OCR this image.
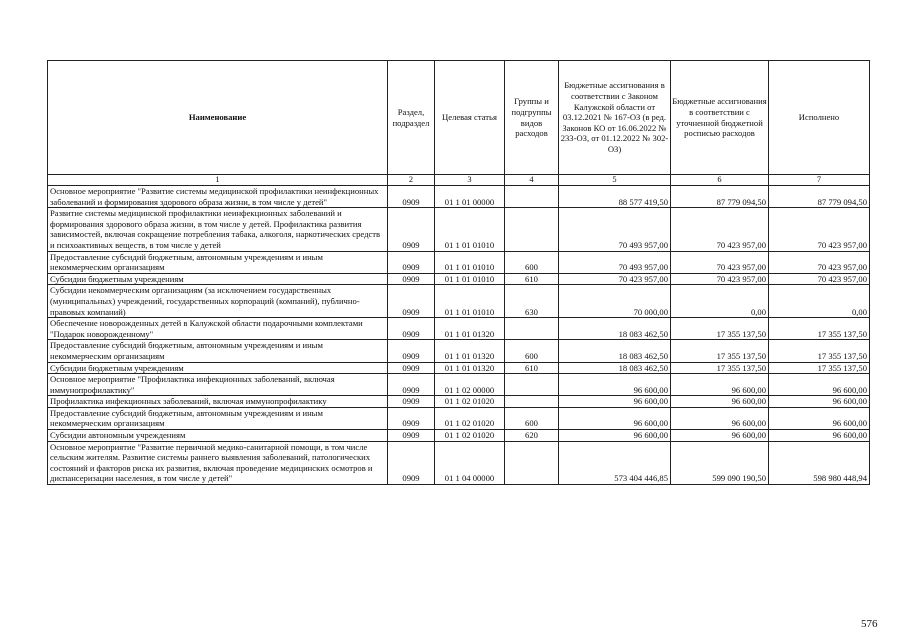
Наименование	Раздел, подраздел	Целевая статья	Группы и подгруппы видов расходов	Бюджетные ассигнования в соответствии с Законом Калужской области от 03.12.2021 № 167-ОЗ (в ред. Законов КО от 16.06.2022 № 233-ОЗ, от 01.12.2022 № 302-ОЗ)	Бюджетные ассигнования в соответствии с уточненной бюджетной росписью расходов	Исполнено
1	2	3	4	5	6	7
Основное мероприятие "Развитие системы медицинской профилактики неинфекционных заболеваний и формирования здорового образа жизни, в том числе у детей"	0909	01 1 01 00000		88 577 419,50	87 779 094,50	87 779 094,50
Развитие системы медицинской профилактики неинфекционных заболеваний и формирования здорового образа жизни, в том числе у детей. Профилактика развития зависимостей, включая сокращение потребления табака, алкоголя, наркотических средств и психоактивных веществ, в том числе у детей	0909	01 1 01 01010		70 493 957,00	70 423 957,00	70 423 957,00
Предоставление субсидий бюджетным, автономным учреждениям и иным некоммерческим организациям	0909	01 1 01 01010	600	70 493 957,00	70 423 957,00	70 423 957,00
Субсидии бюджетным учреждениям	0909	01 1 01 01010	610	70 423 957,00	70 423 957,00	70 423 957,00
Субсидии некоммерческим организациям (за исключением государственных (муниципальных) учреждений, государственных корпораций (компаний), публично-правовых компаний)	0909	01 1 01 01010	630	70 000,00	0,00	0,00
Обеспечение новорожденных детей в Калужской области подарочными комплектами "Подарок новорожденному"	0909	01 1 01 01320		18 083 462,50	17 355 137,50	17 355 137,50
Предоставление субсидий бюджетным, автономным учреждениям и иным некоммерческим организациям	0909	01 1 01 01320	600	18 083 462,50	17 355 137,50	17 355 137,50
Субсидии бюджетным учреждениям	0909	01 1 01 01320	610	18 083 462,50	17 355 137,50	17 355 137,50
Основное мероприятие "Профилактика инфекционных заболеваний, включая иммунопрофилактику"	0909	01 1 02 00000		96 600,00	96 600,00	96 600,00
Профилактика инфекционных заболеваний, включая иммунопрофилактику	0909	01 1 02 01020		96 600,00	96 600,00	96 600,00
Предоставление субсидий бюджетным, автономным учреждениям и иным некоммерческим организациям	0909	01 1 02 01020	600	96 600,00	96 600,00	96 600,00
Субсидии автономным учреждениям	0909	01 1 02 01020	620	96 600,00	96 600,00	96 600,00
Основное мероприятие "Развитие первичной медико-санитарной помощи, в том числе сельским жителям. Развитие системы раннего выявления заболеваний, патологических состояний и факторов риска их развития, включая проведение медицинских осмотров и диспансеризации населения, в том числе у детей"	0909	01 1 04 00000		573 404 446,85	599 090 190,50	598 980 448,94
576
